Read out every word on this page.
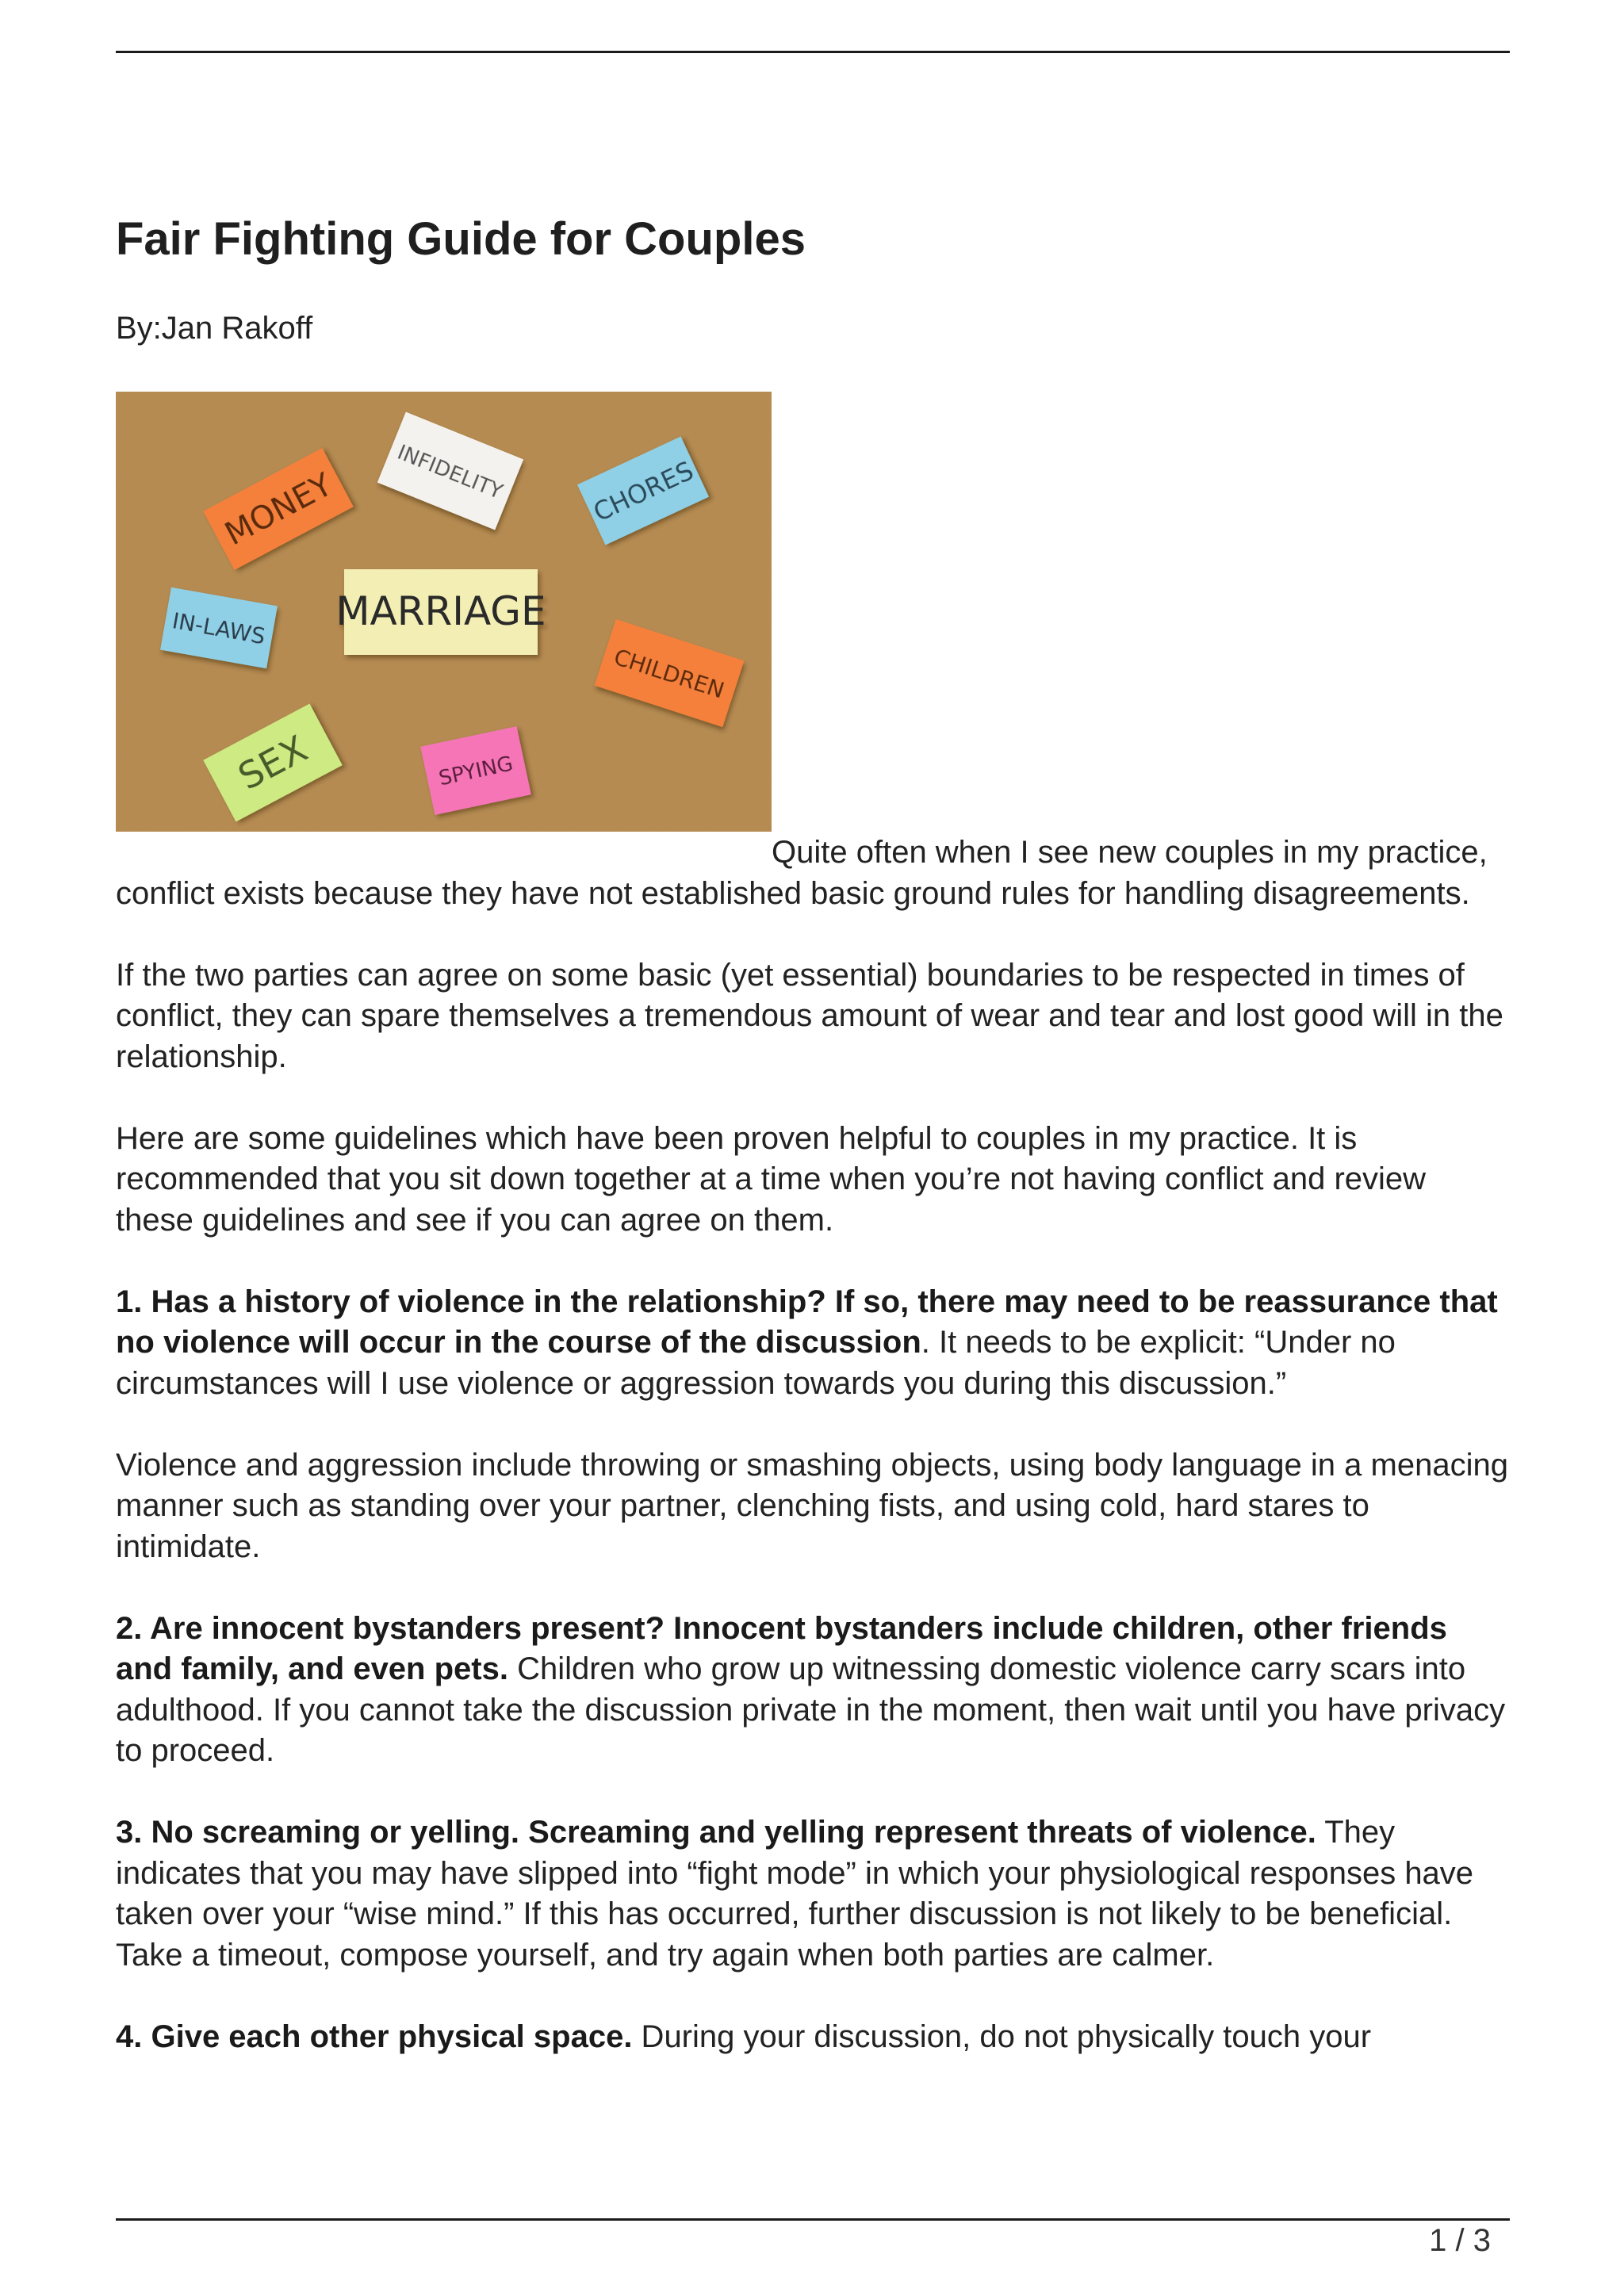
Fair Fighting Guide for Couples
By:Jan Rakoff
MONEY	INFIDELITY	CHORES
IN-LAWS MARRIAGE
CHILDREN
SEX	SPYING

Quite often when I see new couples in my practice, conflict exists because they have not established basic ground rules for handling disagreements.

If the two parties can agree on some basic (yet essential) boundaries to be respected in times of conflict, they can spare themselves a tremendous amount of wear and tear and lost good will in the relationship.

Here are some guidelines which have been proven helpful to couples in my practice. It is recommended that you sit down together at a time when you’re not having conflict and review these guidelines and see if you can agree on them.

1. Has a history of violence in the relationship? If so, there may need to be reassurance that no violence will occur in the course of the discussion. It needs to be explicit: “Under no circumstances will I use violence or aggression towards you during this discussion.”

Violence and aggression include throwing or smashing objects, using body language in a menacing manner such as standing over your partner, clenching fists, and using cold, hard stares to intimidate.

2. Are innocent bystanders present? Innocent bystanders include children, other friends and family, and even pets. Children who grow up witnessing domestic violence carry scars into adulthood. If you cannot take the discussion private in the moment, then wait until you have privacy to proceed.

3. No screaming or yelling. Screaming and yelling represent threats of violence. They indicates that you may have slipped into “fight mode” in which your physiological responses have taken over your “wise mind.” If this has occurred, further discussion is not likely to be beneficial. Take a timeout, compose yourself, and try again when both parties are calmer.

4. Give each other physical space. During your discussion, do not physically touch your

1 / 3
